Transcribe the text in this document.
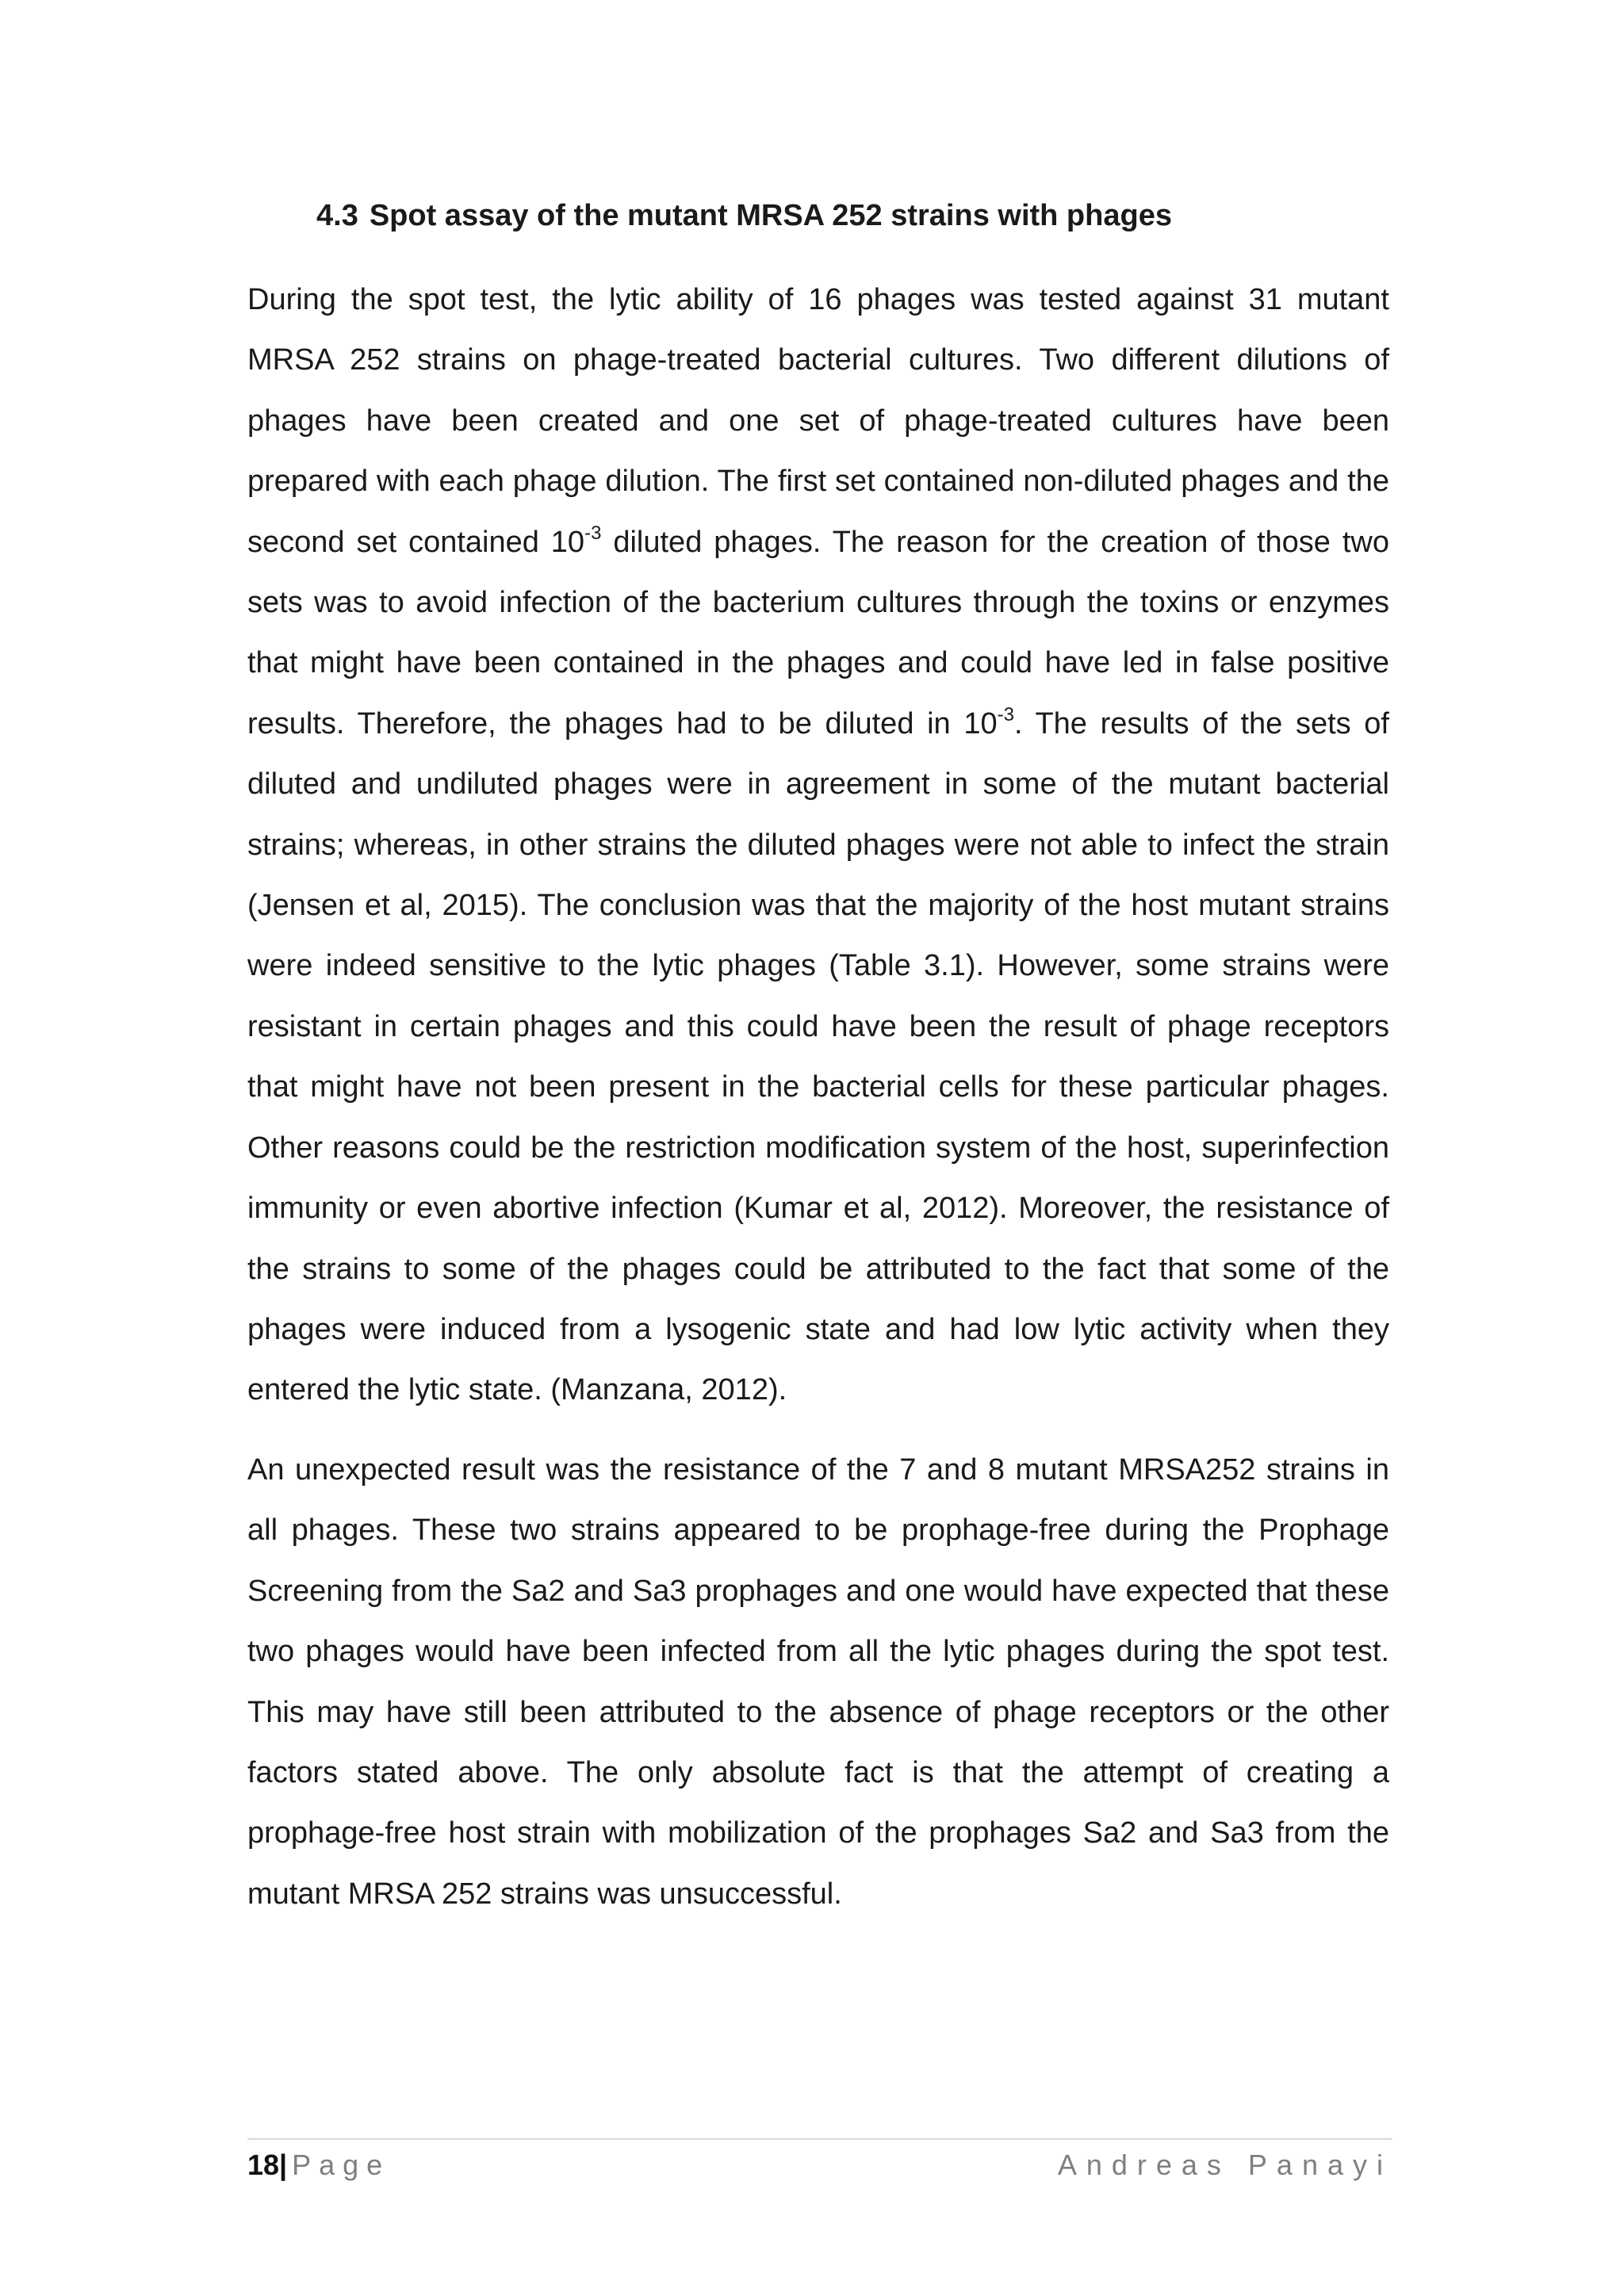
4.3 Spot assay of the mutant MRSA 252 strains with phages

During the spot test, the lytic ability of 16 phages was tested against 31 mutant MRSA 252 strains on phage-treated bacterial cultures. Two different dilutions of phages have been created and one set of phage-treated cultures have been prepared with each phage dilution. The first set contained non-diluted phages and the second set contained $10^{-3}$ diluted phages. The reason for the creation of those two sets was to avoid infection of the bacterium cultures through the toxins or enzymes that might have been contained in the phages and could have led in false positive results. Therefore, the phages had to be diluted in $10^{-3}$. The results of the sets of diluted and undiluted phages were in agreement in some of the mutant bacterial strains; whereas, in other strains the diluted phages were not able to infect the strain (Jensen et al, 2015). The conclusion was that the majority of the host mutant strains were indeed sensitive to the lytic phages (Table 3.1). However, some strains were resistant in certain phages and this could have been the result of phage receptors that might have not been present in the bacterial cells for these particular phages. Other reasons could be the restriction modification system of the host, superinfection immunity or even abortive infection (Kumar et al, 2012). Moreover, the resistance of the strains to some of the phages could be attributed to the fact that some of the phages were induced from a lysogenic state and had low lytic activity when they entered the lytic state. (Manzana, 2012).

An unexpected result was the resistance of the 7 and 8 mutant MRSA252 strains in all phages. These two strains appeared to be prophage-free during the Prophage Screening from the Sa2 and Sa3 prophages and one would have expected that these two phages would have been infected from all the lytic phages during the spot test. This may have still been attributed to the absence of phage receptors or the other factors stated above. The only absolute fact is that the attempt of creating a prophage-free host strain with mobilization of the prophages Sa2 and Sa3 from the mutant MRSA 252 strains was unsuccessful.

18| Page	Andreas Panayi
